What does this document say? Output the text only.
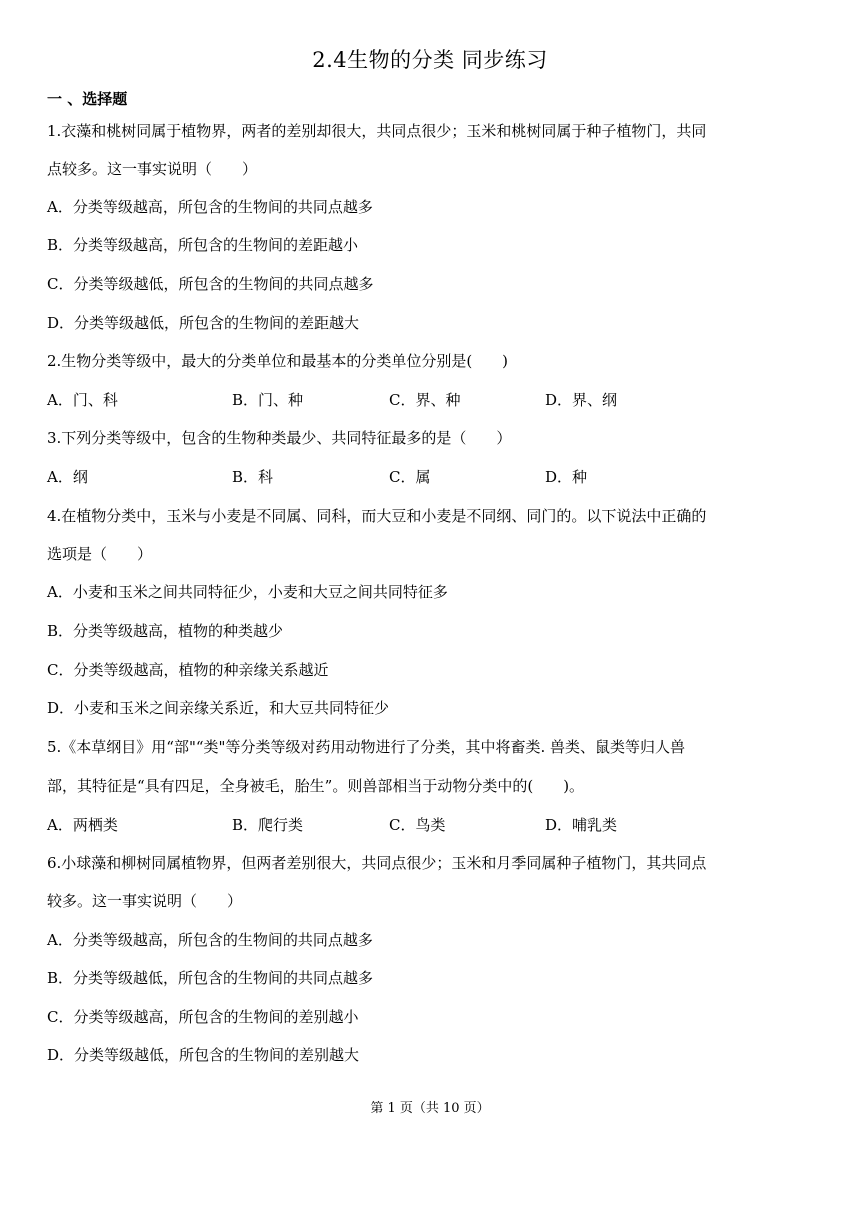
2.4生物的分类 同步练习
一 、选择题
1.衣藻和桃树同属于植物界，两者的差别却很大，共同点很少；玉米和桃树同属于种子植物门，共同
点较多。这一事实说明（　　）
A．分类等级越高，所包含的生物间的共同点越多
B．分类等级越高，所包含的生物间的差距越小
C．分类等级越低，所包含的生物间的共同点越多
D．分类等级越低，所包含的生物间的差距越大
2.生物分类等级中，最大的分类单位和最基本的分类单位分别是(　　)
A．门、科	B．门、种	C．界、种	D．界、纲
3.下列分类等级中，包含的生物种类最少、共同特征最多的是（　　）
A．纲	B．科	C．属	D．种
4.在植物分类中，玉米与小麦是不同属、同科，而大豆和小麦是不同纲、同门的。以下说法中正确的
选项是（　　）
A．小麦和玉米之间共同特征少，小麦和大豆之间共同特征多
B．分类等级越高，植物的种类越少
C．分类等级越高，植物的种亲缘关系越近
D．小麦和玉米之间亲缘关系近，和大豆共同特征少
5.《本草纲目》用“部"“类"等分类等级对药用动物进行了分类，其中将畜类. 兽类、鼠类等归人兽
部，其特征是“具有四足，全身被毛，胎生”。则兽部相当于动物分类中的(　　)。
A．两栖类	B．爬行类	C．鸟类	D．哺乳类
6.小球藻和柳树同属植物界，但两者差别很大，共同点很少；玉米和月季同属种子植物门，其共同点
较多。这一事实说明（　　）
A．分类等级越高，所包含的生物间的共同点越多
B．分类等级越低，所包含的生物间的共同点越多
C．分类等级越高，所包含的生物间的差别越小
D．分类等级越低，所包含的生物间的差别越大
第 1 页（共 10 页）
